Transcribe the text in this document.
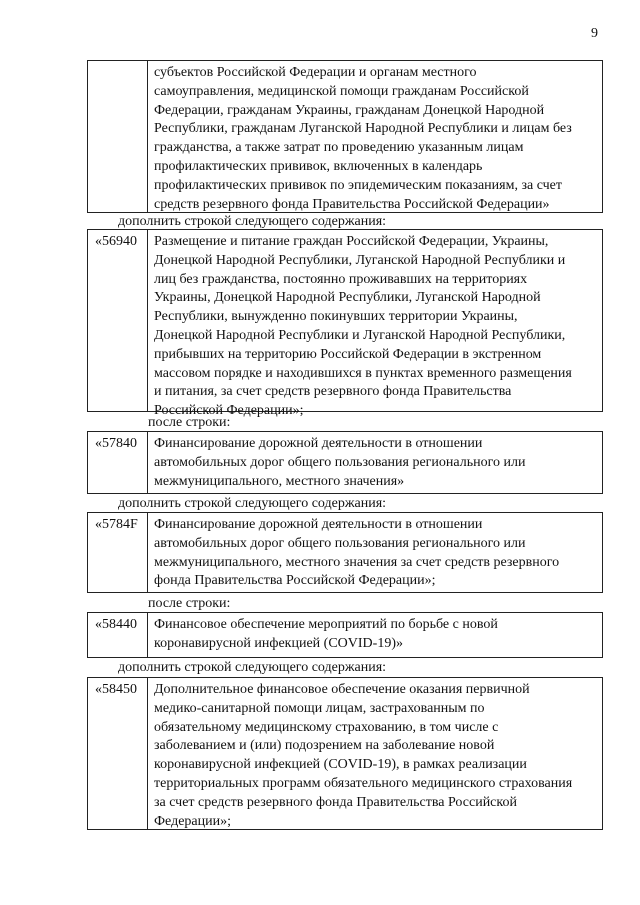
9
субъектов Российской Федерации и органам местного
самоуправления, медицинской помощи гражданам Российской
Федерации, гражданам Украины, гражданам Донецкой Народной
Республики, гражданам Луганской Народной Республики и лицам без
гражданства, а также затрат по проведению указанным лицам
профилактических прививок, включенных в календарь
профилактических прививок по эпидемическим показаниям, за счет
средств резервного фонда Правительства Российской Федерации»
дополнить строкой следующего содержания:
«56940	Размещение и питание граждан Российской Федерации, Украины,
Донецкой Народной Республики, Луганской Народной Республики и
лиц без гражданства, постоянно проживавших на территориях
Украины, Донецкой Народной Республики, Луганской Народной
Республики, вынужденно покинувших территории Украины,
Донецкой Народной Республики и Луганской Народной Республики,
прибывших на территорию Российской Федерации в экстренном
массовом порядке и находившихся в пунктах временного размещения
и питания, за счет средств резервного фонда Правительства
Российской Федерации»;
после строки:
«57840	Финансирование дорожной деятельности в отношении
автомобильных дорог общего пользования регионального или
межмуниципального, местного значения»
дополнить строкой следующего содержания:
«5784F	Финансирование дорожной деятельности в отношении
автомобильных дорог общего пользования регионального или
межмуниципального, местного значения за счет средств резервного
фонда Правительства Российской Федерации»;
после строки:
«58440	Финансовое обеспечение мероприятий по борьбе с новой
коронавирусной инфекцией (COVID-19)»
дополнить строкой следующего содержания:
«58450	Дополнительное финансовое обеспечение оказания первичной
медико-санитарной помощи лицам, застрахованным по
обязательному медицинскому страхованию, в том числе с
заболеванием и (или) подозрением на заболевание новой
коронавирусной инфекцией (COVID-19), в рамках реализации
территориальных программ обязательного медицинского страхования
за счет средств резервного фонда Правительства Российской
Федерации»;
